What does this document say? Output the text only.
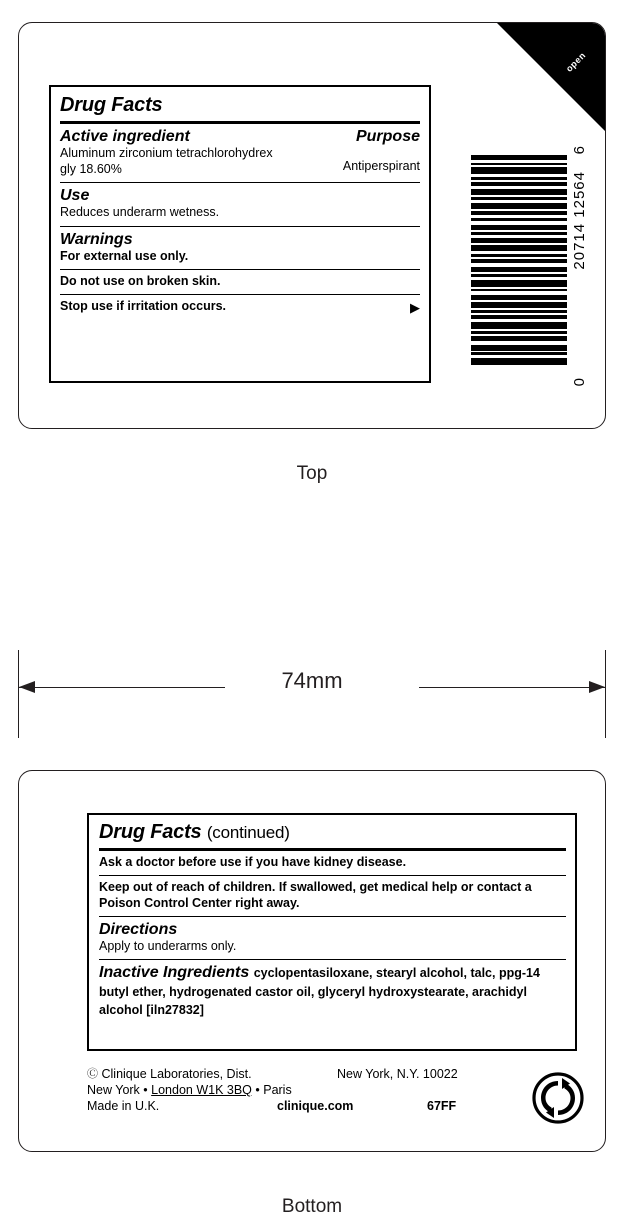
open
Drug Facts
Active ingredient	Purpose
Aluminum zirconium tetrachlorohydrex gly 18.60%	Antiperspirant
Use
Reduces underarm wetness.
Warnings
For external use only.
Do not use on broken skin.
Stop use if irritation occurs.	▶
6
20714 12564
0
Top
74mm
Drug Facts (continued)
Ask a doctor before use if you have kidney disease.
Keep out of reach of children. If swallowed, get medical help or contact a Poison Control Center right away.
Directions
Apply to underarms only.
Inactive Ingredients cyclopentasiloxane, stearyl alcohol, talc, ppg-14 butyl ether, hydrogenated castor oil, glyceryl hydroxystearate, arachidyl alcohol [iln27832]
Ⓒ Clinique Laboratories, Dist.	New York, N.Y. 10022
New York • London W1K 3BQ • Paris
Made in U.K.	clinique.com	67FF
Bottom
